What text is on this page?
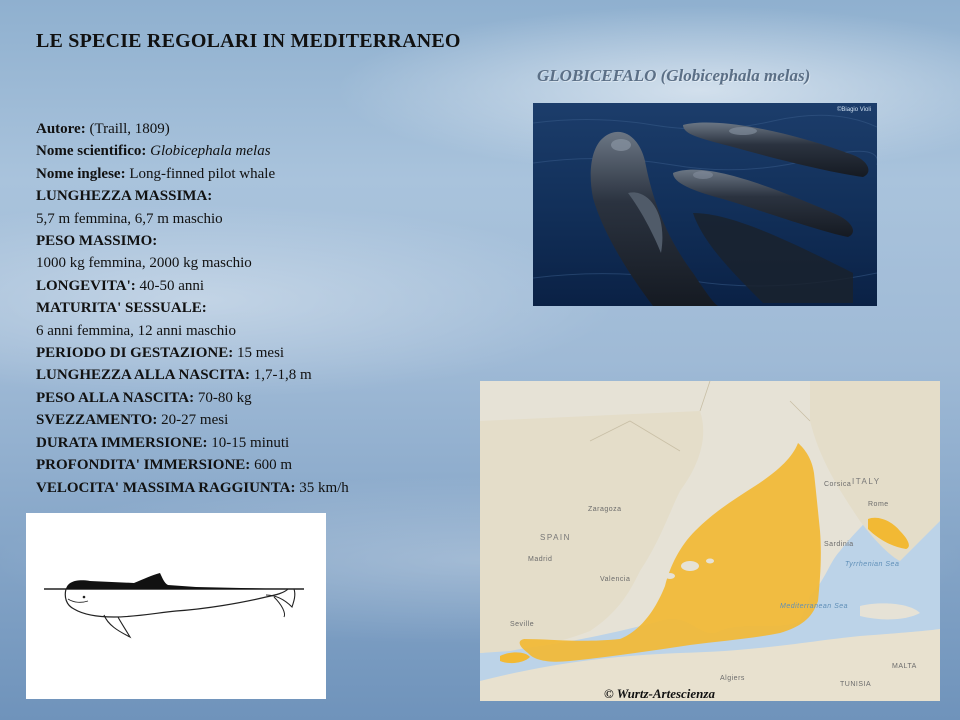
LE SPECIE REGOLARI IN MEDITERRANEO
GLOBICEFALO (Globicephala melas)
Autore: (Traill, 1809)
Nome scientifico: Globicephala melas
Nome inglese: Long-finned pilot whale
LUNGHEZZA MASSIMA:
5,7 m femmina, 6,7 m maschio
PESO MASSIMO:
1000 kg femmina, 2000 kg maschio
LONGEVITA': 40-50 anni
MATURITA' SESSUALE:
6 anni femmina, 12 anni maschio
PERIODO DI GESTAZIONE: 15 mesi
LUNGHEZZA ALLA NASCITA: 1,7-1,8 m
PESO ALLA NASCITA: 70-80 kg
SVEZZAMENTO: 20-27 mesi
DURATA IMMERSIONE: 10-15 minuti
PROFONDITA' IMMERSIONE: 600 m
VELOCITA' MASSIMA RAGGIUNTA: 35 km/h
©Biagio Violi
SPAIN
ITALY
Mediterranean Sea
MALTA
Zaragoza
Madrid
Valencia
Seville
TUNISIA
Algiers
Tyrrhenian Sea
Rome
Sardinia
Corsica
© Wurtz-Artescienza
